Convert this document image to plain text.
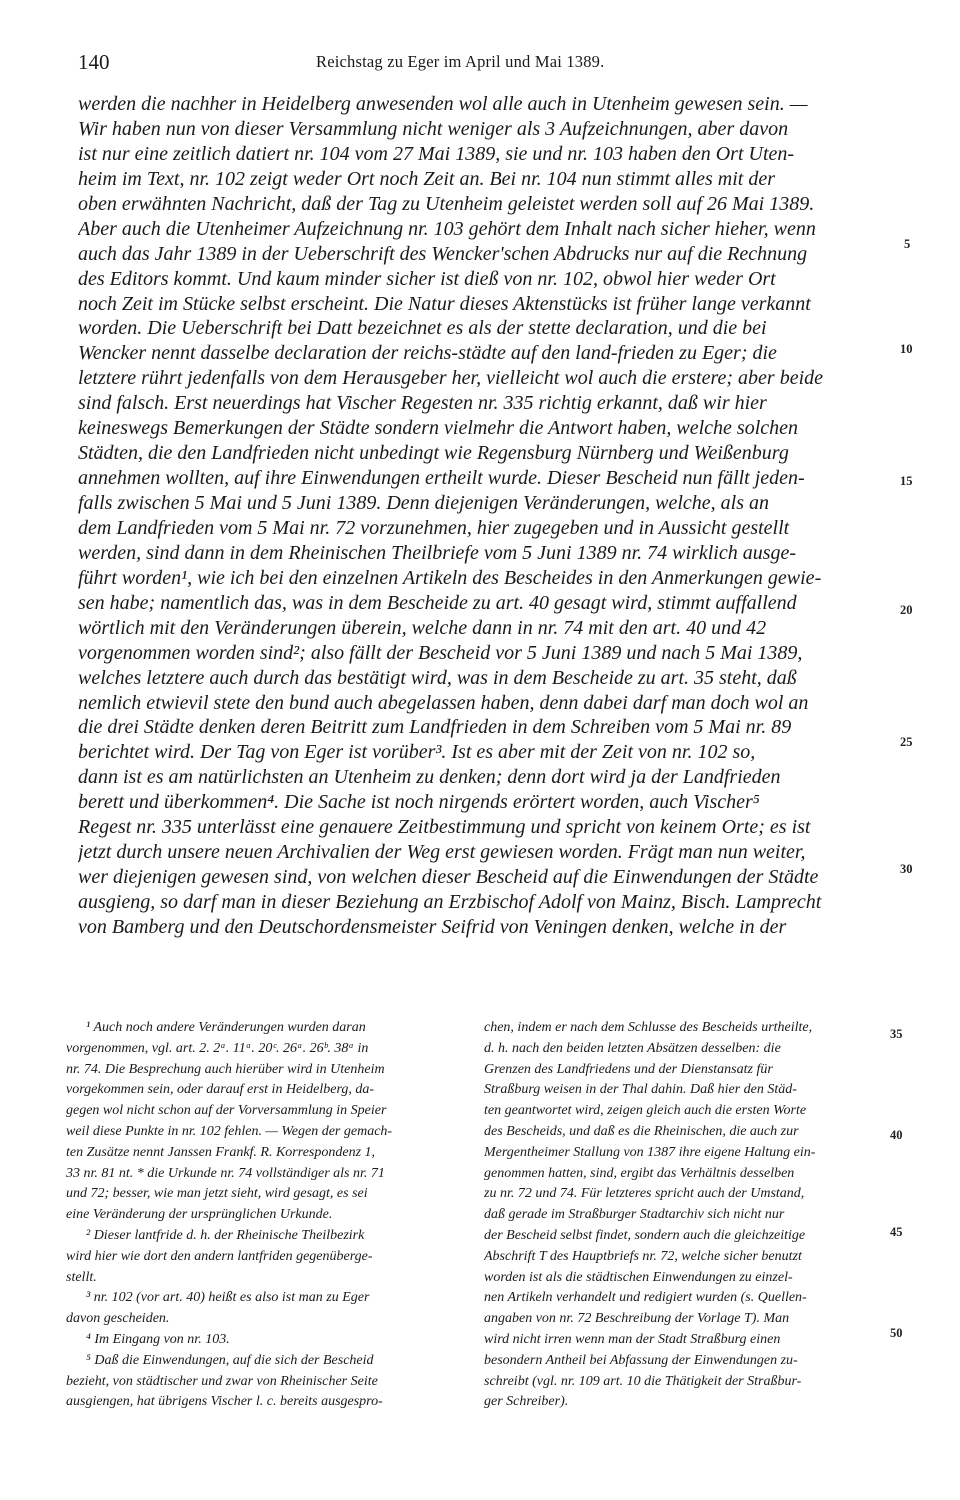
140	Reichstag zu Eger im April und Mai 1389.
werden die nachher in Heidelberg anwesenden wol alle auch in Utenheim gewesen sein. —
Wir haben nun von dieser Versammlung nicht weniger als 3 Aufzeichnungen, aber davon
ist nur eine zeitlich datiert nr. 104 vom 27 Mai 1389, sie und nr. 103 haben den Ort Uten-
heim im Text, nr. 102 zeigt weder Ort noch Zeit an. Bei nr. 104 nun stimmt alles mit der
oben erwähnten Nachricht, daß der Tag zu Utenheim geleistet werden soll auf 26 Mai 1389.
Aber auch die Utenheimer Aufzeichnung nr. 103 gehört dem Inhalt nach sicher hieher, wenn
auch das Jahr 1389 in der Ueberschrift des Wencker'schen Abdrucks nur auf die Rechnung
des Editors kommt. Und kaum minder sicher ist dieß von nr. 102, obwol hier weder Ort
noch Zeit im Stücke selbst erscheint. Die Natur dieses Aktenstücks ist früher lange verkannt
worden. Die Ueberschrift bei Datt bezeichnet es als der stette declaration, und die bei
Wencker nennt dasselbe declaration der reichs-städte auf den land-frieden zu Eger; die
letztere rührt jedenfalls von dem Herausgeber her, vielleicht wol auch die erstere; aber beide
sind falsch. Erst neuerdings hat Vischer Regesten nr. 335 richtig erkannt, daß wir hier
keineswegs Bemerkungen der Städte sondern vielmehr die Antwort haben, welche solchen
Städten, die den Landfrieden nicht unbedingt wie Regensburg Nürnberg und Weißenburg
annehmen wollten, auf ihre Einwendungen ertheilt wurde. Dieser Bescheid nun fällt jeden-
falls zwischen 5 Mai und 5 Juni 1389. Denn diejenigen Veränderungen, welche, als an
dem Landfrieden vom 5 Mai nr. 72 vorzunehmen, hier zugegeben und in Aussicht gestellt
werden, sind dann in dem Rheinischen Theilbriefe vom 5 Juni 1389 nr. 74 wirklich ausge-
führt worden¹, wie ich bei den einzelnen Artikeln des Bescheides in den Anmerkungen gewie-
sen habe; namentlich das, was in dem Bescheide zu art. 40 gesagt wird, stimmt auffallend
wörtlich mit den Veränderungen überein, welche dann in nr. 74 mit den art. 40 und 42
vorgenommen worden sind²; also fällt der Bescheid vor 5 Juni 1389 und nach 5 Mai 1389,
welches letztere auch durch das bestätigt wird, was in dem Bescheide zu art. 35 steht, daß
nemlich etwievil stete den bund auch abegelassen haben, denn dabei darf man doch wol an
die drei Städte denken deren Beitritt zum Landfrieden in dem Schreiben vom 5 Mai nr. 89
berichtet wird. Der Tag von Eger ist vorüber³. Ist es aber mit der Zeit von nr. 102 so,
dann ist es am natürlichsten an Utenheim zu denken; denn dort wird ja der Landfrieden
berett und überkommen⁴. Die Sache ist noch nirgends erörtert worden, auch Vischer⁵
Regest nr. 335 unterlässt eine genauere Zeitbestimmung und spricht von keinem Orte; es ist
jetzt durch unsere neuen Archivalien der Weg erst gewiesen worden. Frägt man nun weiter,
wer diejenigen gewesen sind, von welchen dieser Bescheid auf die Einwendungen der Städte
ausgieng, so darf man in dieser Beziehung an Erzbischof Adolf von Mainz, Bisch. Lamprecht
von Bamberg und den Deutschordensmeister Seifrid von Veningen denken, welche in der
5
10
15
20
25
30
35
40
45
50
¹ Auch noch andere Veränderungen wurden daran
vorgenommen, vgl. art. 2. 2ᵃ. 11ᵃ. 20ᶜ. 26ᵃ. 26ᵇ. 38ᵃ in
nr. 74. Die Besprechung auch hierüber wird in Utenheim
vorgekommen sein, oder darauf erst in Heidelberg, da-
gegen wol nicht schon auf der Vorversammlung in Speier
weil diese Punkte in nr. 102 fehlen. — Wegen der gemach-
ten Zusätze nennt Janssen Frankf. R. Korrespondenz 1,
33 nr. 81 nt. * die Urkunde nr. 74 vollständiger als nr. 71
und 72; besser, wie man jetzt sieht, wird gesagt, es sei
eine Veränderung der ursprünglichen Urkunde.
² Dieser lantfride d. h. der Rheinische Theilbezirk
wird hier wie dort den andern lantfriden gegenüberge-
stellt.
³ nr. 102 (vor art. 40) heißt es also ist man zu Eger
davon gescheiden.
⁴ Im Eingang von nr. 103.
⁵ Daß die Einwendungen, auf die sich der Bescheid
bezieht, von städtischer und zwar von Rheinischer Seite
ausgiengen, hat übrigens Vischer l. c. bereits ausgespro-
chen, indem er nach dem Schlusse des Bescheids urtheilte,
d. h. nach den beiden letzten Absätzen desselben: die
Grenzen des Landfriedens und der Dienstansatz für
Straßburg weisen in der Thal dahin. Daß hier den Städ-
ten geantwortet wird, zeigen gleich auch die ersten Worte
des Bescheids, und daß es die Rheinischen, die auch zur
Mergentheimer Stallung von 1387 ihre eigene Haltung ein-
genommen hatten, sind, ergibt das Verhältnis desselben
zu nr. 72 und 74. Für letzteres spricht auch der Umstand,
daß gerade im Straßburger Stadtarchiv sich nicht nur
der Bescheid selbst findet, sondern auch die gleichzeitige
Abschrift T des Hauptbriefs nr. 72, welche sicher benutzt
worden ist als die städtischen Einwendungen zu einzel-
nen Artikeln verhandelt und redigiert wurden (s. Quellen-
angaben von nr. 72 Beschreibung der Vorlage T). Man
wird nicht irren wenn man der Stadt Straßburg einen
besondern Antheil bei Abfassung der Einwendungen zu-
schreibt (vgl. nr. 109 art. 10 die Thätigkeit der Straßbur-
ger Schreiber).
